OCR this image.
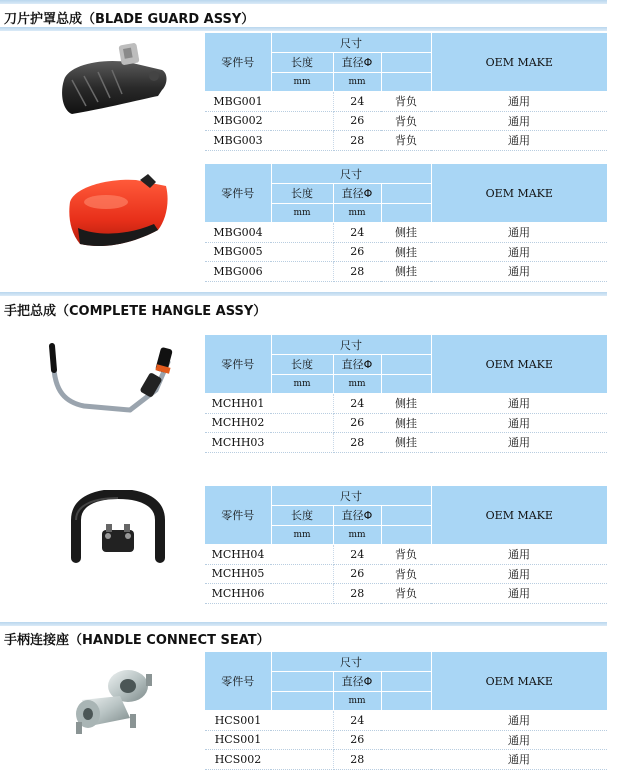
刀片护罩总成（BLADE GUARD ASSY）
零件号	尺寸			OEM MAKE
	长度	直径Φ		
	mm	mm		
MBG001		24	背负	通用
MBG002		26	背负	通用
MBG003		28	背负	通用
零件号	尺寸			OEM MAKE
	长度	直径Φ		
	mm	mm		
MBG004		24	侧挂	通用
MBG005		26	侧挂	通用
MBG006		28	侧挂	通用
手把总成（COMPLETE HANGLE ASSY）
零件号	尺寸			OEM MAKE
	长度	直径Φ		
	mm	mm		
MCHH01		24	侧挂	通用
MCHH02		26	侧挂	通用
MCHH03		28	侧挂	通用
零件号	尺寸			OEM MAKE
	长度	直径Φ		
	mm	mm		
MCHH04		24	背负	通用
MCHH05		26	背负	通用
MCHH06		28	背负	通用
手柄连接座（HANDLE CONNECT SEAT）
零件号	尺寸			OEM MAKE
		直径Φ		
		mm		
HCS001		24		通用
HCS001		26		通用
HCS002		28		通用
